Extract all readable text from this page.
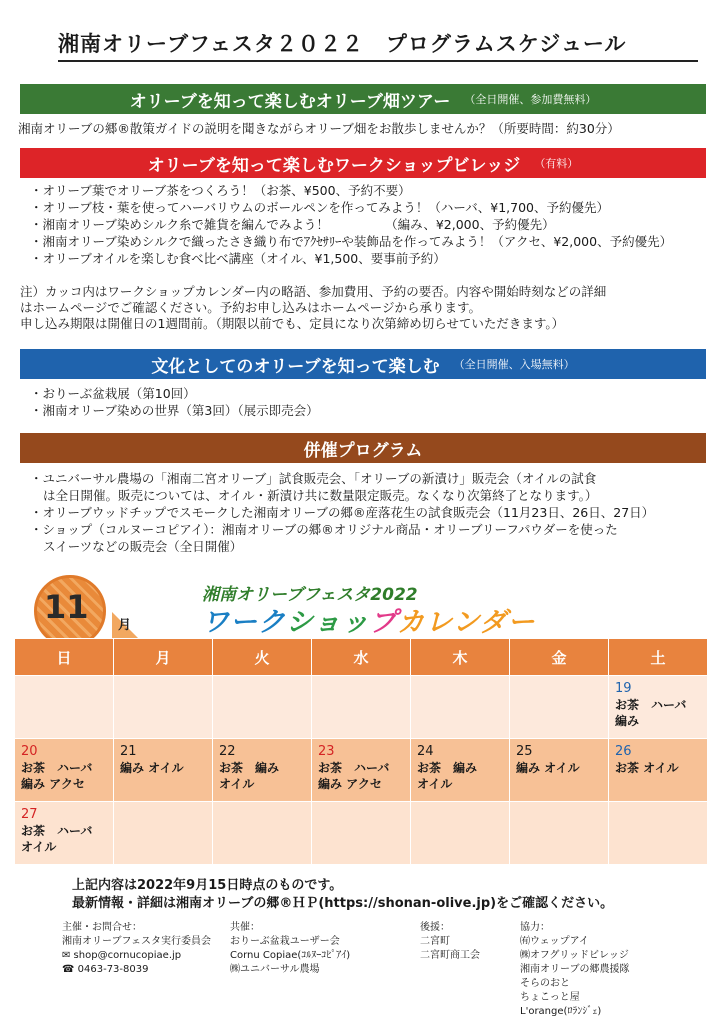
湘南オリーブフェスタ２０２２　プログラムスケジュール
オリーブを知って楽しむオリーブ畑ツアー （全日開催、参加費無料）
湘南オリーブの郷®散策ガイドの説明を聞きながらオリーブ畑をお散歩しませんか？（所要時間：約30分）
オリーブを知って楽しむワークショップビレッジ （有料）
・ オリーブ葉でオリーブ茶をつくろう！（お茶、¥500、予約不要）
・ オリーブ枝・葉を使ってハーバリウムのボールペンを作ってみよう！（ハーバ、¥1,700、予約優先）
・ 湘南オリーブ染めシルク糸で雑貨を編んでみよう！　　　　　（編み、¥2,000、予約優先）
・ 湘南オリーブ染めシルクで織ったさき織り布でｱｸｾｻﾘｰや装飾品を作ってみよう！（アクセ、¥2,000、予約優先）
・ オリーブオイルを楽しむ食べ比べ講座（オイル、¥1,500、要事前予約）
注）カッコ内はワークショップカレンダー内の略語、参加費用、予約の要否。内容や開始時刻などの詳細
はホームページでご確認ください。予約お申し込みはホームページから承ります。
申し込み期限は開催日の1週間前。（期限以前でも、定員になり次第締め切らせていただきます。）
文化としてのオリーブを知って楽しむ （全日開催、入場無料）
・ おりーぶ盆栽展（第10回）
・ 湘南オリーブ染めの世界（第3回）（展示即売会）
併催プログラム
・ ユニバーサル農場の「湘南二宮オリーブ」試食販売会、「オリーブの新漬け」販売会（オイルの試食
は全日開催。販売については、オイル・新漬け共に数量限定販売。なくなり次第終了となります。）
・ オリーブウッドチップでスモークした湘南オリーブの郷®産落花生の試食販売会（11月23日、26日、27日）
・ ショップ（コルヌーコピアイ）：湘南オリーブの郷®オリジナル商品・オリーブリーフパウダーを使った
スイーツなどの販売会（全日開催）
11 月
湘南オリーブフェスタ2022
ワークショップカレンダー
日	月	火	水	木	金	土

						19
お茶　ハーバ
編み

20
お茶　ハーバ
編み アクセ	21
編み オイル	22
お茶　編み
オイル	23
お茶　ハーバ
編み アクセ	24
お茶　編み
オイル	25
編み オイル	26
お茶 オイル

27
お茶　ハーバ
オイル						

上記内容は2022年9月15日時点のものです。
最新情報・詳細は湘南オリーブの郷®ＨＰ(https://shonan-olive.jp)をご確認ください。
主催・お問合せ：
湘南オリーブフェスタ実行委員会
✉ shop@cornucopiae.jp
☎ 0463-73-8039
共催：
おりーぶ盆栽ユーザー会
Cornu Copiae(ｺﾙﾇｰｺﾋﾟｱｲ)
㈱ユニバーサル農場
後援：
二宮町
二宮町商工会
協力：
㈲ウェップアイ
㈱オフグリッドビレッジ
湘南オリーブの郷農援隊
そらのおと
ちょこっと屋
L'orange(ﾛﾗﾝｼﾞｪ)
